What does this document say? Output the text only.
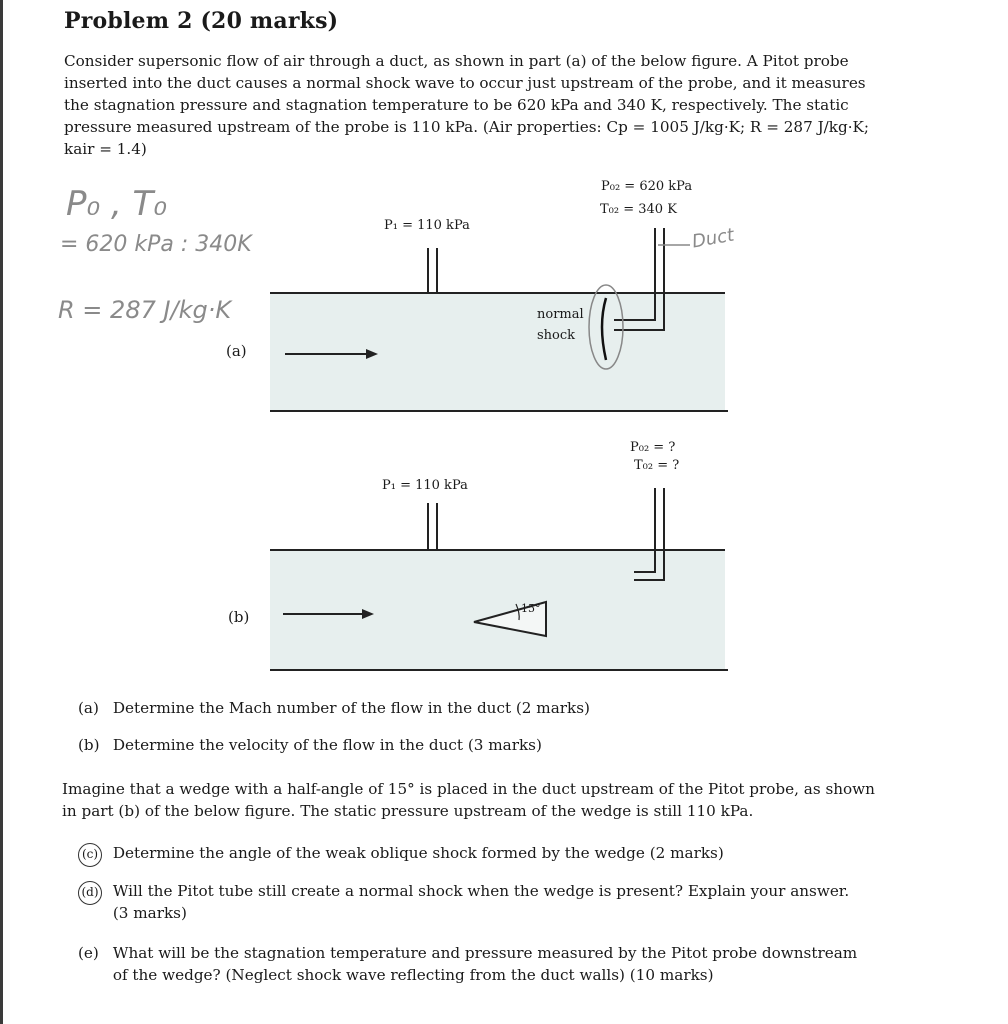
Problem 2 (20 marks)

Consider supersonic flow of air through a duct, as shown in part (a) of the below figure. A Pitot probe

inserted into the duct causes a normal shock wave to occur just upstream of the probe, and it measures

the stagnation pressure and stagnation temperature to be 620 kPa and 340 K, respectively. The static

pressure measured upstream of the probe is 110 kPa. (Air properties: Cp = 1005 J/kg·K; R = 287 J/kg·K;

kair = 1.4)

P₀ , T₀
= 620 kPa : 340K
R = 287 J/kg·K
Duct
P₁ = 110 kPa
P₀₂ = 620 kPa
T₀₂ = 340 K
normal
shock
(a)
P₁ = 110 kPa
P₀₂ = ?
T₀₂ = ?
15°
(b)
(a) Determine the Mach number of the flow in the duct (2 marks)
(b) Determine the velocity of the flow in the duct (3 marks)
Imagine that a wedge with a half-angle of 15° is placed in the duct upstream of the Pitot probe, as shown
in part (b) of the below figure. The static pressure upstream of the wedge is still 110 kPa.
(c) Determine the angle of the weak oblique shock formed by the wedge (2 marks)
(d) Will the Pitot tube still create a normal shock when the wedge is present? Explain your answer.
(3 marks)
(e) What will be the stagnation temperature and pressure measured by the Pitot probe downstream
of the wedge? (Neglect shock wave reflecting from the duct walls) (10 marks)
